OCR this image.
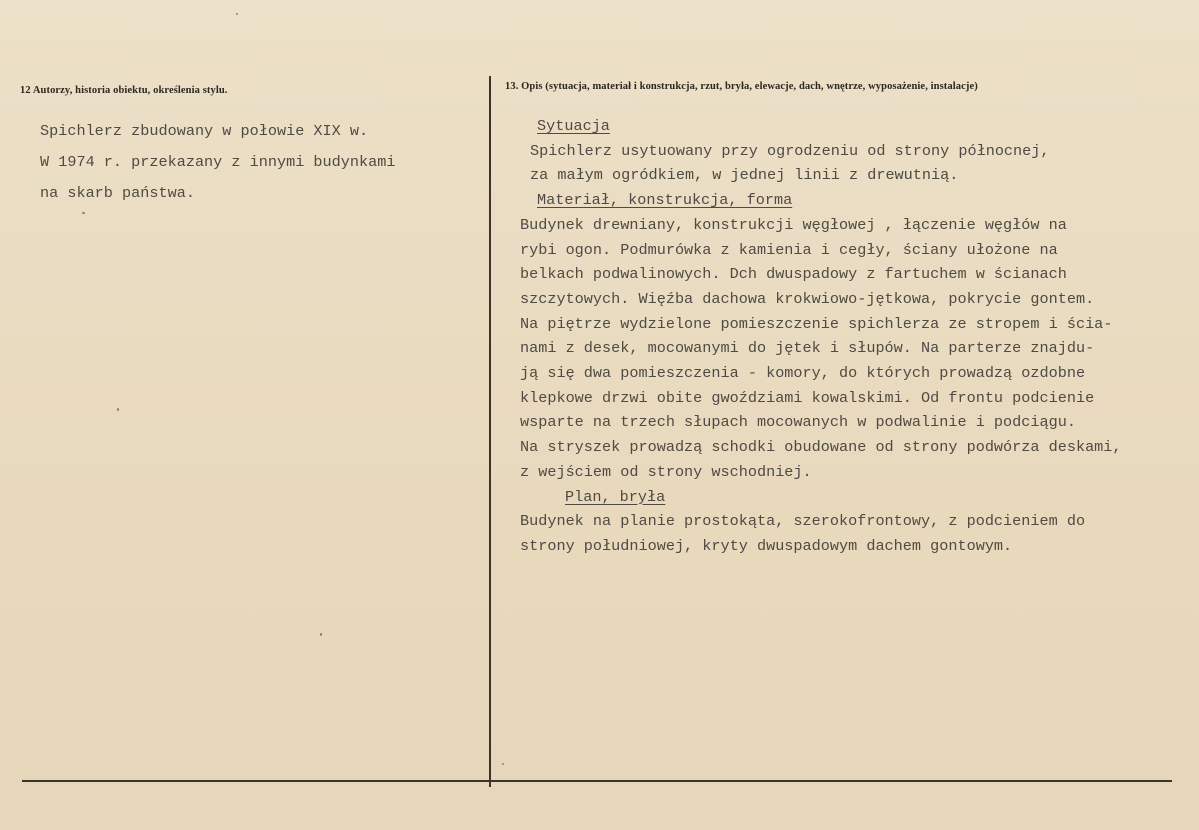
12 Autorzy, historia obiektu, określenia stylu.	13. Opis (sytuacja, materiał i konstrukcja, rzut, bryła, elewacje, dach, wnętrze, wyposażenie, instalacje)
Spichlerz zbudowany w połowie XIX w.
W 1974 r. przekazany z innymi budynkami
na skarb państwa.
Sytuacja
Spichlerz usytuowany przy ogrodzeniu od strony północnej,
za małym ogródkiem, w jednej linii z drewutnią.
Materiał, konstrukcja, forma
Budynek drewniany, konstrukcji węgłowej , łączenie węgłów na
rybi ogon. Podmurówka z kamienia i cegły, ściany ułożone na
belkach podwalinowych. Dch dwuspadowy z fartuchem w ścianach
szczytowych. Więźba dachowa krokwiowo-jętkowa, pokrycie gontem.
Na piętrze wydzielone pomieszczenie spichlerza ze stropem i ścia-
nami z desek, mocowanymi do jętek i słupów. Na parterze znajdu-
ją się dwa pomieszczenia - komory, do których prowadzą ozdobne
klepkowe drzwi obite gwoździami kowalskimi. Od frontu podcienie
wsparte na trzech słupach mocowanych w podwalinie i podciągu.
Na stryszek prowadzą schodki obudowane od strony podwórza deskami,
z wejściem od strony wschodniej.
Plan, bryła
Budynek na planie prostokąta, szerokofrontowy, z podcieniem do
strony południowej, kryty dwuspadowym dachem gontowym.
